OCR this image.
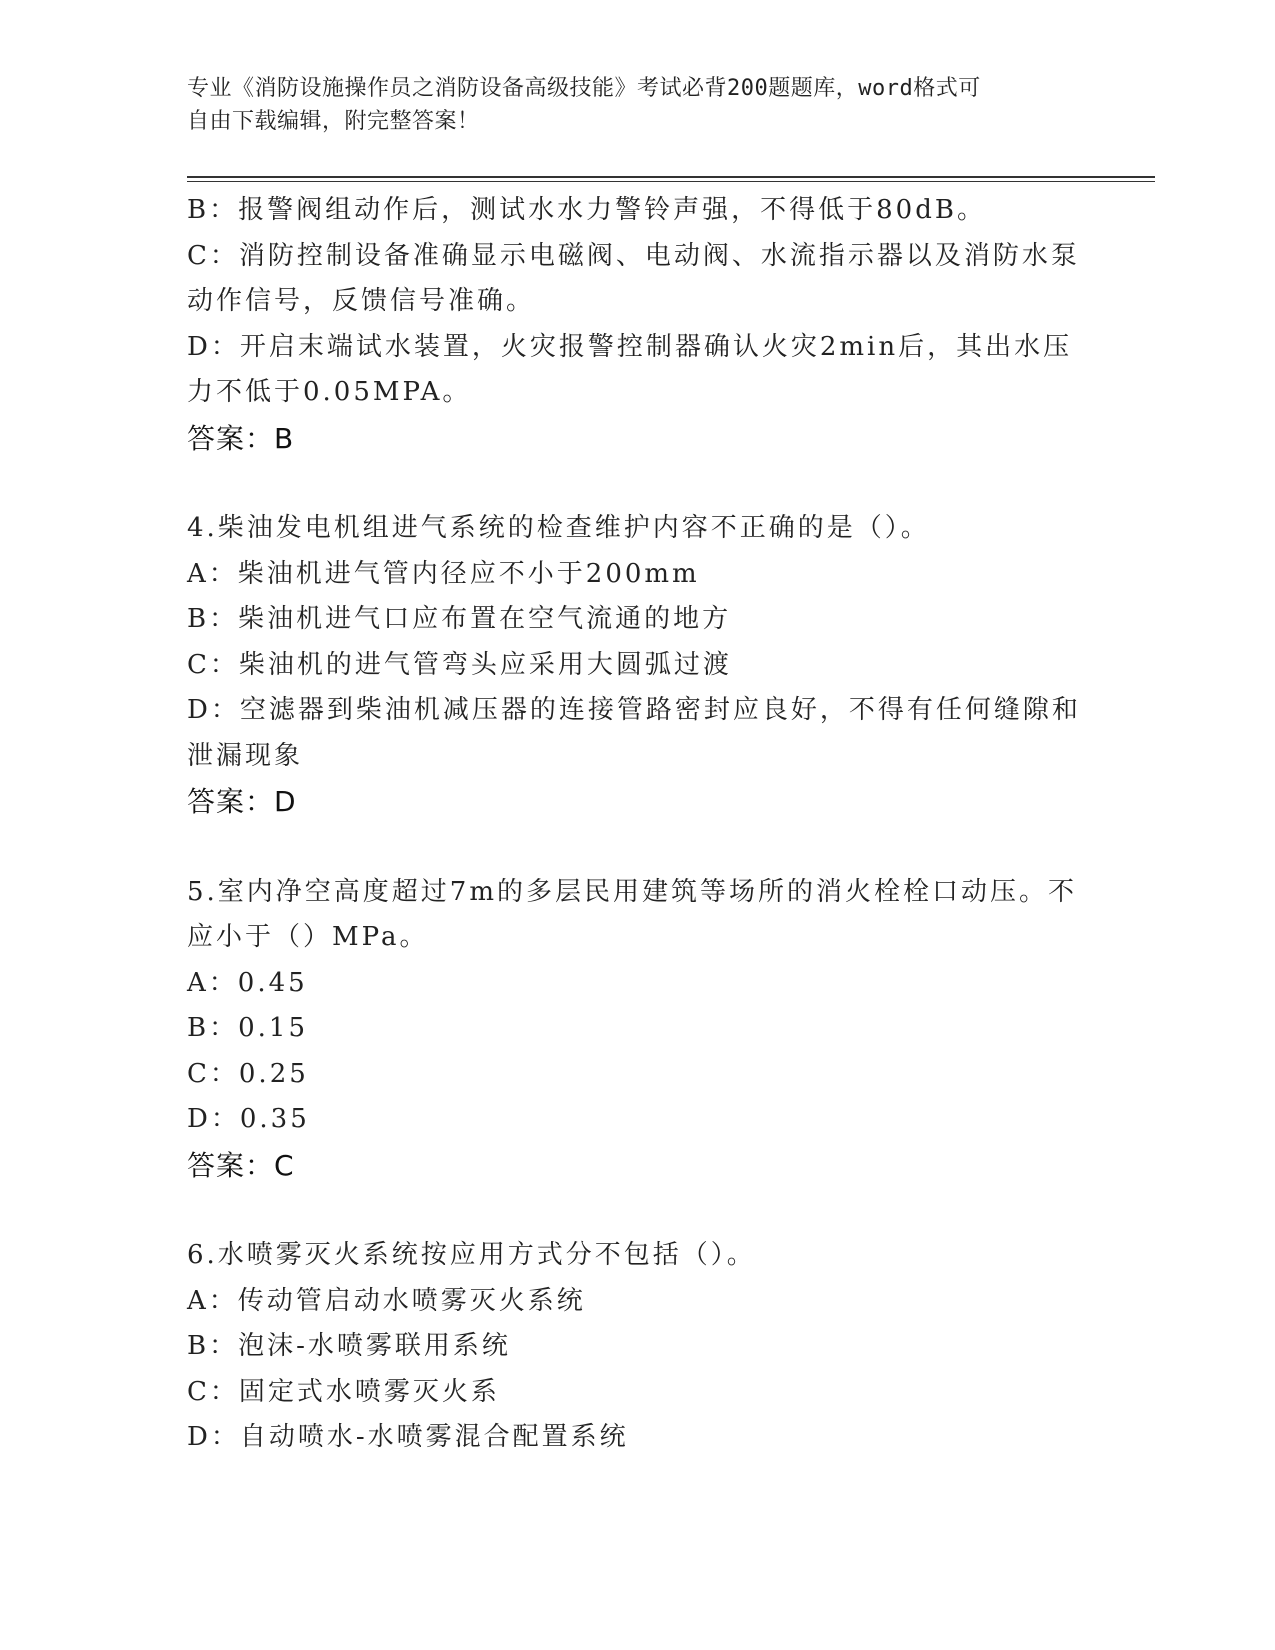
专业《消防设施操作员之消防设备高级技能》考试必背200题题库，word格式可
自由下载编辑，附完整答案！
B：报警阀组动作后，测试水水力警铃声强，不得低于80dB。
C：消防控制设备准确显示电磁阀、电动阀、水流指示器以及消防水泵
动作信号，反馈信号准确。
D：开启末端试水装置，火灾报警控制器确认火灾2min后，其出水压
力不低于0.05MPA。
答案：B
4.柴油发电机组进气系统的检查维护内容不正确的是（）。
A：柴油机进气管内径应不小于200mm
B：柴油机进气口应布置在空气流通的地方
C：柴油机的进气管弯头应采用大圆弧过渡
D：空滤器到柴油机减压器的连接管路密封应良好，不得有任何缝隙和
泄漏现象
答案：D
5.室内净空高度超过7m的多层民用建筑等场所的消火栓栓口动压。不
应小于（）MPa。
A：0.45
B：0.15
C：0.25
D：0.35
答案：C
6.水喷雾灭火系统按应用方式分不包括（）。
A：传动管启动水喷雾灭火系统
B：泡沫-水喷雾联用系统
C：固定式水喷雾灭火系
D：自动喷水-水喷雾混合配置系统
